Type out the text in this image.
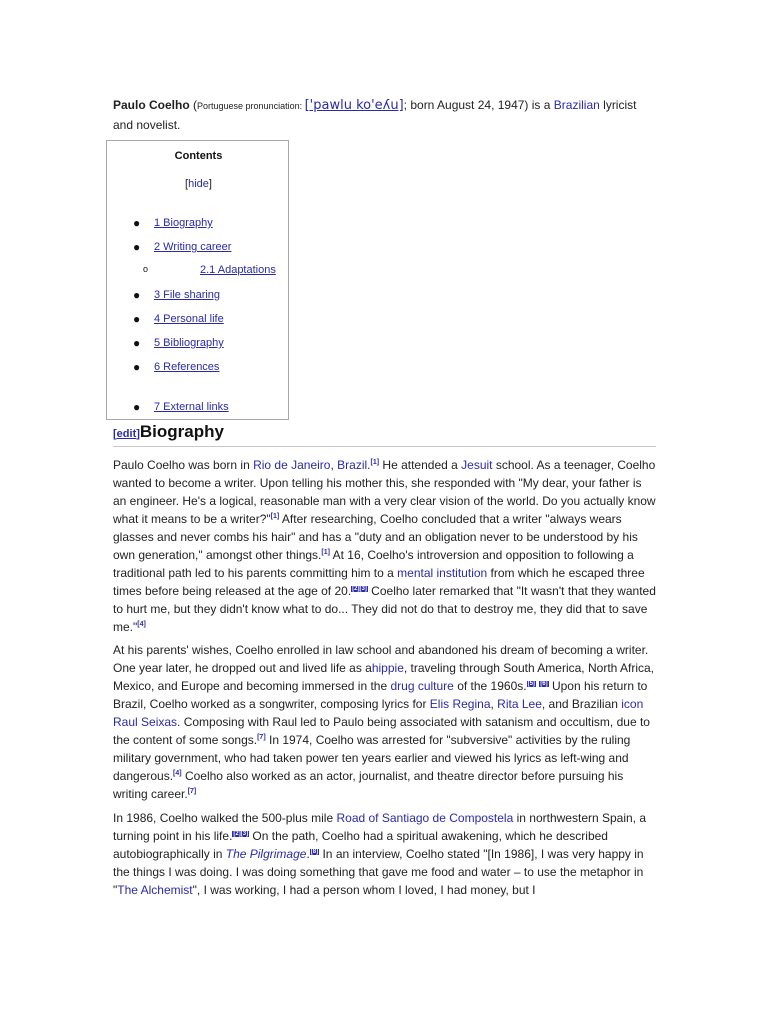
Paulo Coelho (Portuguese pronunciation: ['pawlu ko'eʎu]; born August 24, 1947) is a Brazilian lyricist and novelist.
Contents
[hide]
● 1 Biography
● 2 Writing career
o	2.1 Adaptations
● 3 File sharing
● 4 Personal life
● 5 Bibliography
● 6 References
● 7 External links
[edit]Biography
Paulo Coelho was born in Rio de Janeiro, Brazil.[1] He attended a Jesuit school. As a teenager, Coelho wanted to become a writer. Upon telling his mother this, she responded with "My dear, your father is an engineer. He's a logical, reasonable man with a very clear vision of the world. Do you actually know what it means to be a writer?"[1] After researching, Coelho concluded that a writer "always wears glasses and never combs his hair" and has a "duty and an obligation never to be understood by his own generation," amongst other things.[1] At 16, Coelho's introversion and opposition to following a traditional path led to his parents committing him to a mental institution from which he escaped three times before being released at the age of 20.[2][3] Coelho later remarked that "It wasn't that they wanted to hurt me, but they didn't know what to do... They did not do that to destroy me, they did that to save me."[4]
At his parents' wishes, Coelho enrolled in law school and abandoned his dream of becoming a writer. One year later, he dropped out and lived life as ahippie, traveling through South America, North Africa, Mexico, and Europe and becoming immersed in the drug culture of the 1960s.[5] [6] Upon his return to Brazil, Coelho worked as a songwriter, composing lyrics for Elis Regina, Rita Lee, and Brazilian icon Raul Seixas. Composing with Raul led to Paulo being associated with satanism and occultism, due to the content of some songs.[7] In 1974, Coelho was arrested for "subversive" activities by the ruling military government, who had taken power ten years earlier and viewed his lyrics as left-wing and dangerous.[4] Coelho also worked as an actor, journalist, and theatre director before pursuing his writing career.[7]
In 1986, Coelho walked the 500-plus mile Road of Santiago de Compostela in northwestern Spain, a turning point in his life.[2][3] On the path, Coelho had a spiritual awakening, which he described autobiographically in The Pilgrimage.[8] In an interview, Coelho stated "[In 1986], I was very happy in the things I was doing. I was doing something that gave me food and water – to use the metaphor in "The Alchemist", I was working, I had a person whom I loved, I had money, but I
